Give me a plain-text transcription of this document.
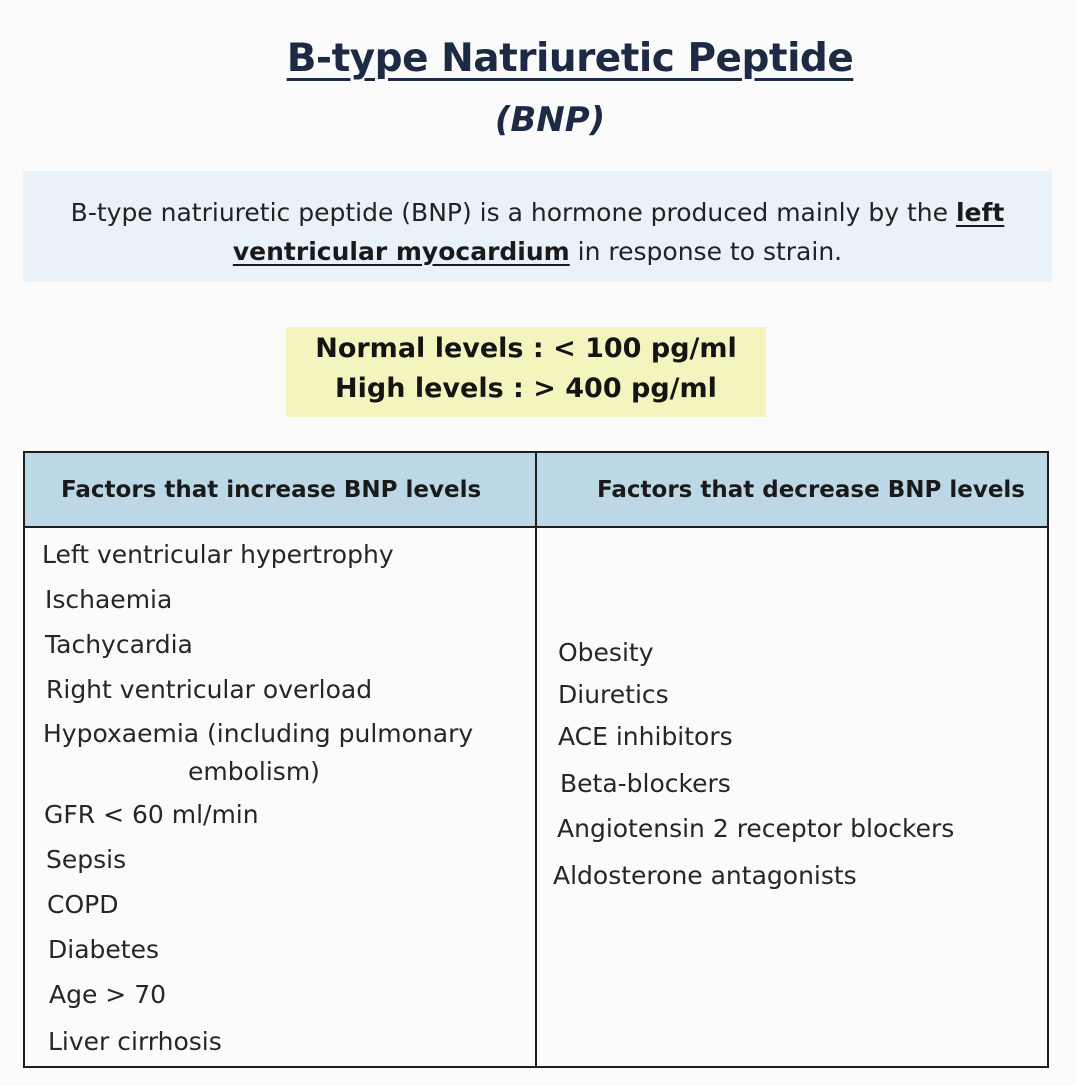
B-type Natriuretic Peptide
(BNP)
B-type natriuretic peptide (BNP) is a hormone produced mainly by the left
ventricular myocardium in response to strain.
Normal levels : < 100 pg/ml
High levels : > 400 pg/ml
Factors that increase BNP levels	Factors that decrease BNP levels
Left ventricular hypertrophy
Ischaemia
Tachycardia
Right ventricular overload
Hypoxaemia (including pulmonary
embolism)
GFR < 60 ml/min
Sepsis
COPD
Diabetes
Age > 70
Liver cirrhosis
Obesity
Diuretics
ACE inhibitors
Beta-blockers
Angiotensin 2 receptor blockers
Aldosterone antagonists
